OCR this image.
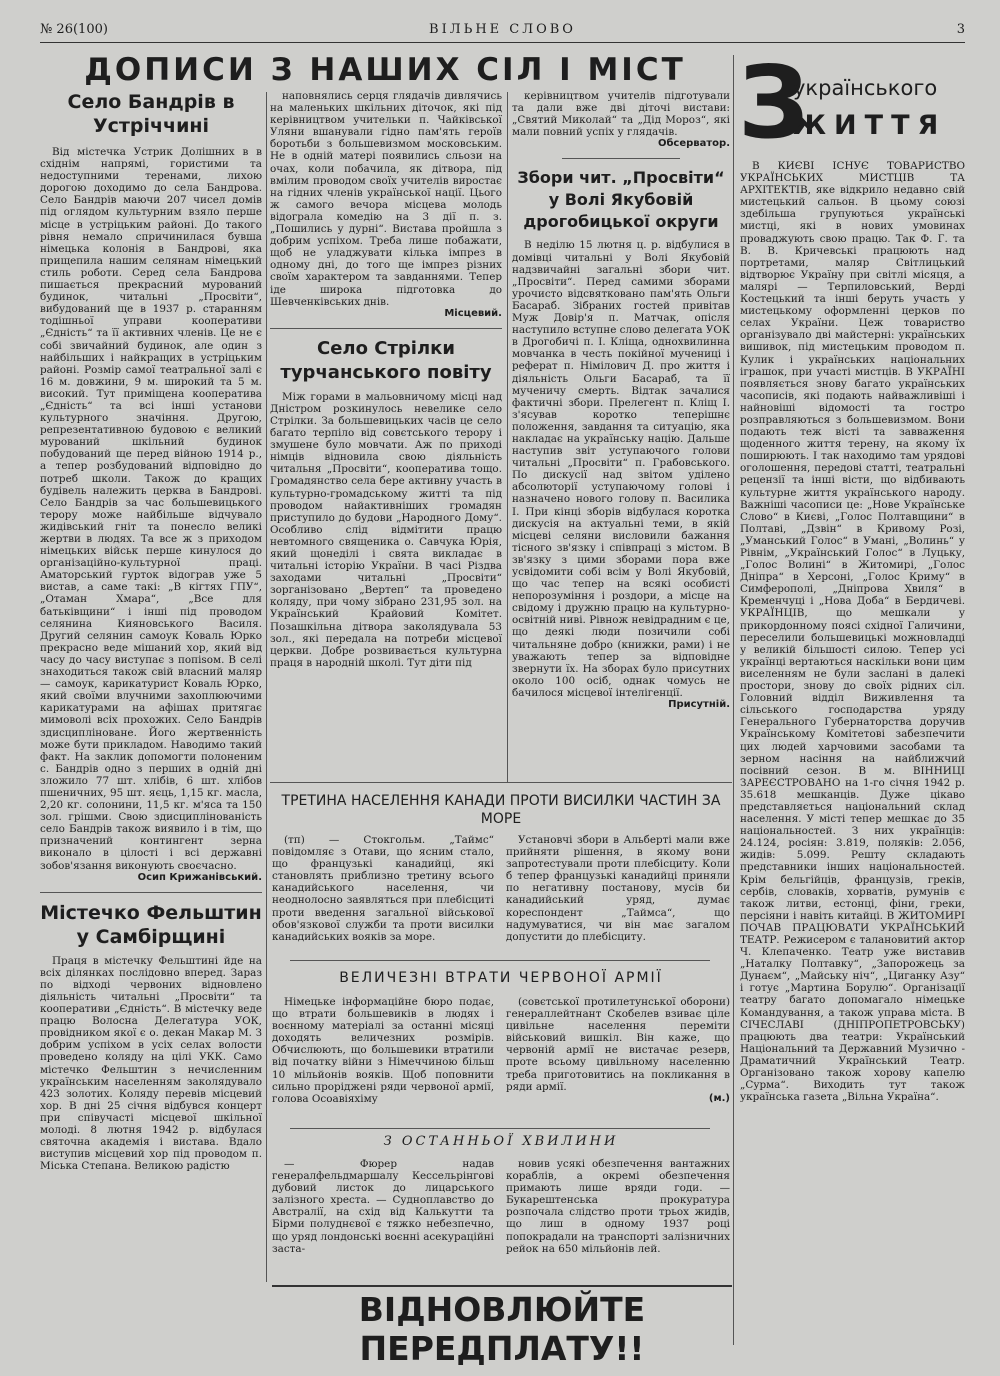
№ 26(100)	ВІЛЬНЕ СЛОВО	3
ДОПИСИ З НАШИХ СІЛ І МІСТ
Село Бандрів в Устріччині

Від містечка Устрик Долішних в в східнім напрямі, гористими та недоступними теренами, лихою дорогою доходимо до села Бандрова. Село Бандрів маючи 207 чисел домів під оглядом культурним взяло перше місце в устріцьким районі. До такого рівня немало спричинилася бувша німецька колонія в Бандрові, яка прищепила нашим селянам німецький стиль роботи. Серед села Бандрова пишається прекрасний мурований будинок, читальні „Просвіти“, вибудований ще в 1937 р. старанням тодішньої управи кооперативи „Єдність“ та її активних членів. Це не є собі звичайний будинок, але один з найбільших і найкращих в устріцьким районі. Розмір самої театральної залі є 16 м. довжини, 9 м. широкий та 5 м. високий. Тут приміщена кооператива „Єдність“ та всі інші установи культурного значіння. Другою, репрезентативною будовою є великий мурований шкільний будинок побудований ще перед війною 1914 р., а тепер розбудований відповідно до потреб школи. Також до кращих будівель належить церква в Бандрові. Село Бандрів за час большевицького терору може найбільше відчувало жидівський гніт та понесло великі жертви в людях. Та все ж з приходом німецьких військ перше кинулося до організаційно-культурної праці. Аматорський гурток відограв уже 5 вистав, а саме такі: „В кігтях ГПУ“, „Отаман Хмара“, „Все для батьківщини“ і інші під проводом селянина Кияновського Василя. Другий селянин самоук Коваль Юрко прекрасно веде мішаний хор, який від часу до часу виступає з попisом. В селі знаходиться також свій власний маляр — самоук, карикатурист Коваль Юрко, який своїми влучними захоплюючими карикатурами на афішах притягає мимоволі всіх прохожих. Село Бандрів здисципліноване. Його жертвенність може бути прикладом. Наводимо такий факт. На заклик допомогти полоненим с. Бандрів одно з перших в одній дні зложило 77 шт. хлібів, 6 шт. хлібов пшеничних, 95 шт. яєць, 1,15 кг. масла, 2,20 кг. солонини, 11,5 кг. м'яса та 150 зол. грішми. Свою здисциплінованість село Бандрів також виявило і в тім, що призначений контингент зерна виконало в цілості і всі державні зобов'язання виконують своєчасно.

Осип Крижанівський.
Містечко Фельштин у Самбірщині

Праця в містечку Фельштині йде на всіх ділянках послідовно вперед. Зараз по відході червоних відновлено діяльність читальні „Просвіти“ та кооперативи „Єдність“. В містечку веде працю Волосна Делегатура УОК, провідником якої є о. декан Макар М. З добрим успіхом в усіх селах волости проведено коляду на цілі УКК. Само містечко Фельштин з нечисленним українським населенням заколядувало 423 золотих. Коляду перевів місцевий хор. В днi 25 cічня відбувся концерт при співучасті місцевої шкільної молоді. 8 лютня 1942 р. відбулася святочна академія і вистава. Вдало виступив місцевий хор під проводом п. Міська Степана. Великою радістю

наповнялись серця глядачів дивлячись на маленьких шкільних діточок, які під керівництвом учительки п. Чайківської Уляни вшанували гідно пам'ять героїв боротьби з большевизмом московським. Не в одній матері появились сльози на очах, коли побачила, як дітвора, під вмілим проводом своїх учителів виростає на гідних членів української нації. Цього ж самого вечора місцева молодь відограла комедію на 3 дії п. з. „Пошились у дурні“. Вистава пройшла з добрим успіхом. Треба лише побажати, щоб не уладжувати кілька імпрез в одному дні, до того ще імпрез різних своїм характером та завданнями. Тепер іде широка підготовка до Шевченківських днів.

Місцевий.
Село Стрілки турчанського повіту

Між горами в мальовничому місці над Дністром розкинулось невелике село Стрілки. За большевицьких часів це село багато терпіло від совєтського терору і змушене було мовчати. Аж по приході німців відновила свою діяльність читальня „Просвіти“, кооператива тощо. Громадянство села бере активну участь в культурно-громадському житті та під проводом найактивніших громадян приступило до будови „Народного Дому“. Особливо слід відмітити працю невтомного священика о. Савчука Юрія, який щонеділі і свята викладає в читальні історію України. В часі Різдва заходами читальні „Просвіти“ зорганізовано „Вертеп“ та проведено коляду, при чому зібрано 231,95 зол. на Український Крайовий Комітет. Позашкільна дітвора заколядувала 53 зол., які передала на потреби місцевої церкви. Добре розвивається культурна праця в народній школі. Тут діти під

керівництвом учителів підготували та дали вже дві діточі вистави: „Святий Миколай“ та „Дід Мороз“, які мали повний успіх у глядачів.

Обсерватор.
Збори чит. „Просвіти“ у Волі Якубовій дрогобицької округи

В неділю 15 лютня ц. р. відбулися в домівці читальні у Волі Якубовій надзвичайні загальні збори чит. „Просвіти“. Перед самими зборами урочисто відсвятковано пам'ять Ольги Басараб. Зібраних гостей привітав Муж Довір'я п. Матчак, опісля наступило вступне слово делегата УОК в Дрогобичі п. І. Кліща, однохвилинна мовчанка в честь покійної мучениці і реферат п. Німілович Д. про життя і діяльність Ольги Басараб, та її мученичу смерть. Відтак зачалися фактичні збори. Прелегент п. Кліщ І. з'ясував коротко теперішнє положення, завдання та ситуацію, яка накладає на українську націю. Дальше наступив звіт уступаючого голови читальні „Просвіти“ п. Грабовського. По дискусії над звітом уділено абсолюторії уступаючому голові і назначено нового голову п. Василика І. При кінці зборів відбулася коротка дискусія на актуальні теми, в якій місцеві селяни висловили бажання тісного зв'язку і співпраці з містом. В зв'язку з цими зборами пора вже усвідомити собі всім у Волі Якубовій, що час тепер на всякі особисті непорозуміння і роздори, а місце на свідому і дружню працю на культурно-освітній ниві. Рівнож невідрадним є це, що деякі люди позичили собі читальняне добро (книжки, рами) і не уважають тепер за відповідне звернути їх. На зборах було присутних около 100 осіб, однак чомусь не бачилося місцевої інтелігенції.

Присутній.
ТРЕТИНА НАСЕЛЕННЯ КАНАДИ ПРОТИ ВИСИЛКИ ЧАСТИН ЗА МОРЕ

(тп) — Стокгольм. „Таймс“ повідомляє з Отави, що ясним стало, що французькі канадийці, які становлять приблизно третину всього канадийського населення, чи неоднолосно заявляться при плебісциті проти введення загальної військової обов'язкової служби та проти висилки канадийських вояків за море.

Установчі збори в Альберті мали вже прийняти рішення, в якому вони запротестували проти плебісциту. Коли б тепер французькі канадийці приняли по негативну постанову, мусів би канадийський уряд, думає кореспондент „Таймса“, що надумуватися, чи він має загалом допустити до плебісциту.

ВЕЛИЧЕЗНІ ВТРАТИ ЧЕРВОНОЇ АРМІЇ

Німецьке інформаційне бюро подає, що втрати большевиків в людях і воєнному матеріалі за останні місяці доходять величезних розмірів. Обчислюють, що большевики втратили від початку війни з Німеччиною більш 10 мільйонів вояків. Щоб поповнити сильно прорідженi ряди червоної армії, голова Осоавіяхіму

(совєтської протилетунської оборони) генераллейтнант Скобелев взиває ціле цивільне населення переміти військовий вишкіл. Він каже, що червоній армії не вистачає резерв, проте всьому цивільному населенню треба приготовитись на покликання в ряди армії.

(м.)
З ОСТАННЬОЇ ХВИЛИНИ

— Фюрер надав генералфельдмаршалу Кессельрінгові дубовий листок до лицарського залізного хреста. — Судноплавство до Австралії, на схід від Калькутти та Бірми полуднєвої є тяжко небезпечно, що уряд лондонські воєнні асекураційні заста-

новив усякі обезпечення вантажних кораблів, а окремі обезпечення примають лише вряди годи. — Букарештенська прокуратура розпочала слідство проти трьох жидів, що лиш в одному 1937 році попокрадали на транспорті залізничних рейок на 650 мільйонів лей.

ВІДНОВЛЮЙТЕ ПЕРЕДПЛАТУ!!
З
українського
ЖИТТЯ

В КИЄВІ ІСНУЄ ТОВАРИСТВО УКРАЇНСЬКИХ МИСТЦІВ ТА АРХІТЕКТІВ, яке відкрило недавно свій мистецький сальон. В цьому союзі здебільша групуються українські мистці, які в нових умовинах проваджують свою працю. Так Ф. Г. та В. В. Кричевські працюють над портретами, маляр Світлицький відтворює Україну при світлі місяця, а малярі — Терпиловський, Верді Костецький та інші беруть участь у мистецькому оформленні церков по селах України. Цеж товариство організувало дві майстерні: українських вишивок, під мистецьким проводом п. Кулик і українських національних іграшок, при участі мистців. В УКРАЇНІ появляється знову багато українських часописів, які подають найважливіші і найновіші відомості та гостро розправляються з большевизмом. Вони подають теж вісті та завваження щоденного життя терену, на якому їх поширюють. І так находимо там урядові оголошення, передові статті, театральні рецензії та інші вісти, що відбивають культурне життя українського народу. Важніші часописи це: „Нове Українське Слово“ в Києві, „Голос Полтавщини“ в Полтаві, „Дзвін“ в Кривому Розі, „Уманський Голос“ в Умані, „Волинь“ у Рівнім, „Український Голос“ в Луцьку, „Голос Волині“ в Житомирі, „Голос Дніпра“ в Херсоні, „Голос Криму“ в Симферополі, „Дніпрова Хвиля“ в Кременчуці і „Нова Доба“ в Бердичеві. УКРАЇНЦІВ, що мешкали у прикордонному поясі східної Галичини, переселили большевицькі можновладці у великій більшості силою. Тепер усі українці вертаються наскільки вони цим виселенням не були заслані в далекі простори, знову до своїх рідних сіл. Головний відділ Виживлення та сільського господарства уряду Генерального Губернаторства доручив Українському Комітетові забезпечити цих людей харчовими засобами та зерном насіння на найближчий посівний сезон. В м. ВІННИЦІ ЗАРЕЄСТРОВАНО на 1-го січня 1942 р. 35.618 мешканців. Дуже цікаво представляється національний склад населення. У місті тепер мешкає до 35 національностей. З них українців: 24.124, росіян: 3.819, поляків: 2.056, жидів: 5.099. Решту складають представники інших національностей. Крім бельгійців, французів, греків, сербів, словаків, хорватів, румунів є також литви, естонці, фіни, греки, персіяни і навіть китайці. В ЖИТОМИРІ ПОЧАВ ПРАЦЮВАТИ УКРАЇНСЬКИЙ ТЕАТР. Режисером є талановитий актор Ч. Клепаченко. Театр уже виставив „Наталку Полтавку“, „Запорожець за Дунаєм“, „Майську ніч“, „Циганку Азу“ і готує „Мартина Борулю“. Організації театру багато допомагало німецьке Командування, а також управа міста. В СІЧЕСЛАВІ (ДНІПРОПЕТРОВСЬКУ) працюють два театри: Український Національний та Державний Музично - Драматичний Український Театр. Організовано також хорову капелю „Сурма“. Виходить тут також українська газета „Вільна Україна“.
